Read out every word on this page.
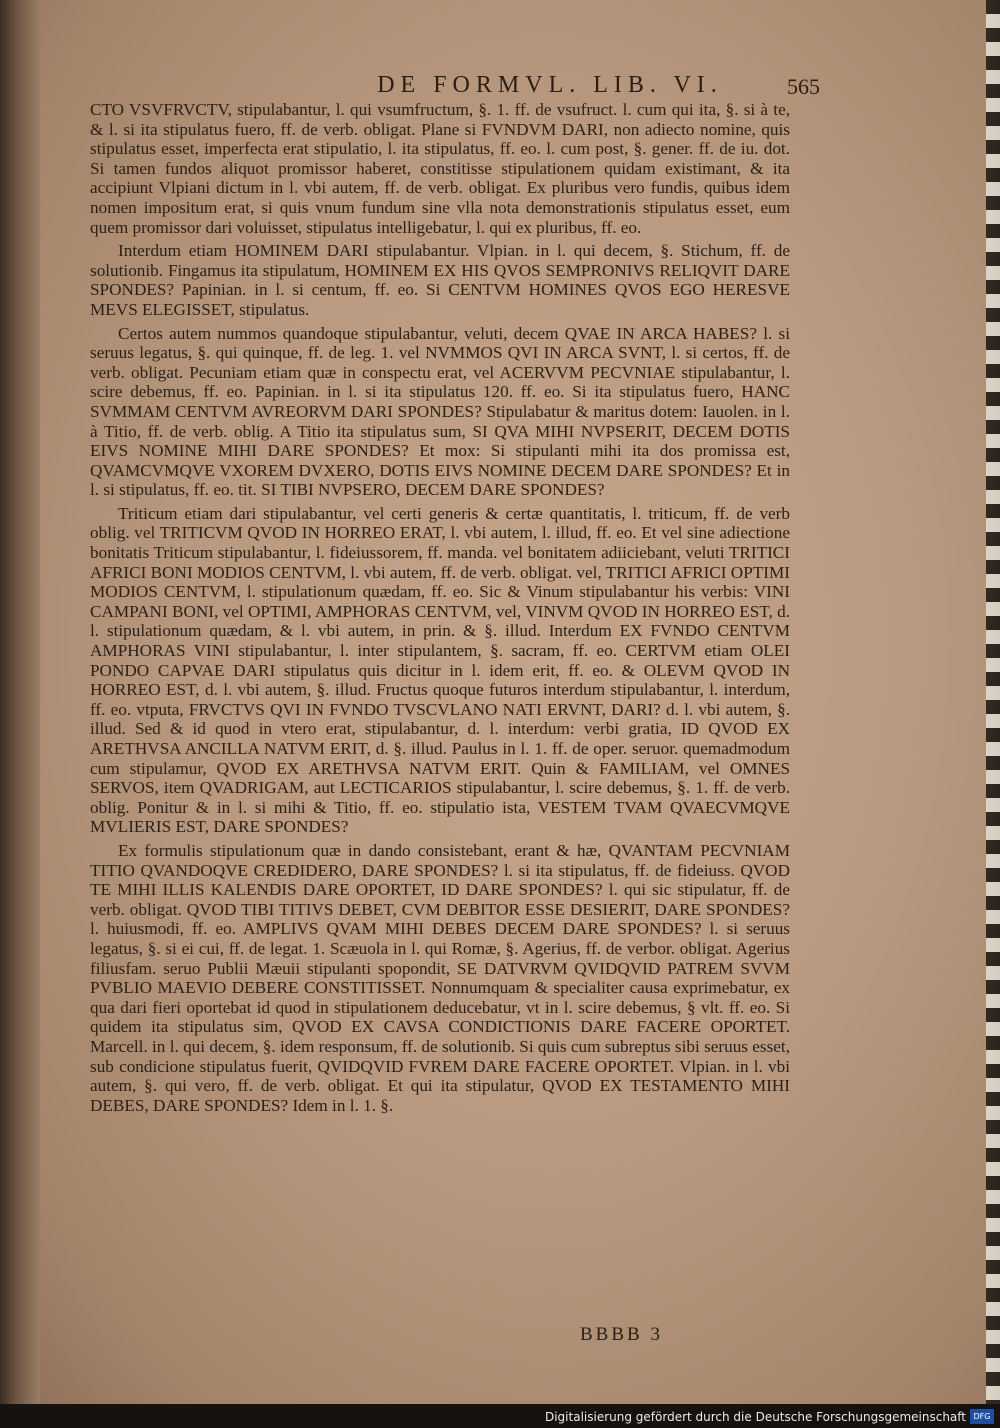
DE FORMVL. LIB. VI.	565

CTO VSVFRVCTV, stipulabantur, l. qui vsumfructum, §. 1. ff. de vsufruct. l. cum qui ita, §. si à te, & l. si ita stipulatus fuero, ff. de verb. obligat. Plane si FVNDVM DARI, non adiecto nomine, quis stipulatus esset, imperfecta erat stipulatio, l. ita stipulatus, ff. eo. l. cum post, §. gener. ff. de iu. dot. Si tamen fundos aliquot promissor haberet, constitisse stipulationem quidam existimant, & ita accipiunt Vlpiani dictum in l. vbi autem, ff. de verb. obligat. Ex pluribus vero fundis, quibus idem nomen impositum erat, si quis vnum fundum sine vlla nota demonstrationis stipulatus esset, eum quem promissor dari voluisset, stipulatus intelligebatur, l. qui ex pluribus, ff. eo.

Interdum etiam HOMINEM DARI stipulabantur. Vlpian. in l. qui decem, §. Stichum, ff. de solutionib. Fingamus ita stipulatum, HOMINEM EX HIS QVOS SEMPRONIVS RELIQVIT DARE SPONDES? Papinian. in l. si centum, ff. eo. Si CENTVM HOMINES QVOS EGO HERESVE MEVS ELEGISSET, stipulatus.

Certos autem nummos quandoque stipulabantur, veluti, decem QVAE IN ARCA HABES? l. si seruus legatus, §. qui quinque, ff. de leg. 1. vel NVMMOS QVI IN ARCA SVNT, l. si certos, ff. de verb. obligat. Pecuniam etiam quæ in conspectu erat, vel ACERVVM PECVNIAE stipulabantur, l. scire debemus, ff. eo. Papinian. in l. si ita stipulatus 120. ff. eo. Si ita stipulatus fuero, HANC SVMMAM CENTVM AVREORVM DARI SPONDES? Stipulabatur & maritus dotem: Iauolen. in l. à Titio, ff. de verb. oblig. A Titio ita stipulatus sum, SI QVA MIHI NVPSERIT, DECEM DOTIS EIVS NOMINE MIHI DARE SPONDES? Et mox: Si stipulanti mihi ita dos promissa est, QVAMCVMQVE VXOREM DVXERO, DOTIS EIVS NOMINE DECEM DARE SPONDES? Et in l. si stipulatus, ff. eo. tit. SI TIBI NVPSERO, DECEM DARE SPONDES?

Triticum etiam dari stipulabantur, vel certi generis & certæ quantitatis, l. triticum, ff. de verb oblig. vel TRITICVM QVOD IN HORREO ERAT, l. vbi autem, l. illud, ff. eo. Et vel sine adiectione bonitatis Triticum stipulabantur, l. fideiussorem, ff. manda. vel bonitatem adiiciebant, veluti TRITICI AFRICI BONI MODIOS CENTVM, l. vbi autem, ff. de verb. obligat. vel, TRITICI AFRICI OPTIMI MODIOS CENTVM, l. stipulationum quædam, ff. eo. Sic & Vinum stipulabantur his verbis: VINI CAMPANI BONI, vel OPTIMI, AMPHORAS CENTVM, vel, VINVM QVOD IN HORREO EST, d. l. stipulationum quædam, & l. vbi autem, in prin. & §. illud. Interdum EX FVNDO CENTVM AMPHORAS VINI stipulabantur, l. inter stipulantem, §. sacram, ff. eo. CERTVM etiam OLEI PONDO CAPVAE DARI stipulatus quis dicitur in l. idem erit, ff. eo. & OLEVM QVOD IN HORREO EST, d. l. vbi autem, §. illud. Fructus quoque futuros interdum stipulabantur, l. interdum, ff. eo. vtputa, FRVCTVS QVI IN FVNDO TVSCVLANO NATI ERVNT, DARI? d. l. vbi autem, §. illud. Sed & id quod in vtero erat, stipulabantur, d. l. interdum: verbi gratia, ID QVOD EX ARETHVSA ANCILLA NATVM ERIT, d. §. illud. Paulus in l. 1. ff. de oper. seruor. quemadmodum cum stipulamur, QVOD EX ARETHVSA NATVM ERIT. Quin & FAMILIAM, vel OMNES SERVOS, item QVADRIGAM, aut LECTICARIOS stipulabantur, l. scire debemus, §. 1. ff. de verb. oblig. Ponitur & in l. si mihi & Titio, ff. eo. stipulatio ista, VESTEM TVAM QVAECVMQVE MVLIERIS EST, DARE SPONDES?

Ex formulis stipulationum quæ in dando consistebant, erant & hæ, QVANTAM PECVNIAM TITIO QVANDOQVE CREDIDERO, DARE SPONDES? l. si ita stipulatus, ff. de fideiuss. QVOD TE MIHI ILLIS KALENDIS DARE OPORTET, ID DARE SPONDES? l. qui sic stipulatur, ff. de verb. obligat. QVOD TIBI TITIVS DEBET, CVM DEBITOR ESSE DESIERIT, DARE SPONDES? l. huiusmodi, ff. eo. AMPLIVS QVAM MIHI DEBES DECEM DARE SPONDES? l. si seruus legatus, §. si ei cui, ff. de legat. 1. Scæuola in l. qui Romæ, §. Agerius, ff. de verbor. obligat. Agerius filiusfam. seruo Publii Mæuii stipulanti spopondit, SE DATVRVM QVIDQVID PATREM SVVM PVBLIO MAEVIO DEBERE CONSTITISSET. Nonnumquam & specialiter causa exprimebatur, ex qua dari fieri oportebat id quod in stipulationem deducebatur, vt in l. scire debemus, § vlt. ff. eo. Si quidem ita stipulatus sim, QVOD EX CAVSA CONDICTIONIS DARE FACERE OPORTET. Marcell. in l. qui decem, §. idem responsum, ff. de solutionib. Si quis cum subreptus sibi seruus esset, sub condicione stipulatus fuerit, QVIDQVID FVREM DARE FACERE OPORTET. Vlpian. in l. vbi autem, §. qui vero, ff. de verb. obligat. Et qui ita stipulatur, QVOD EX TESTAMENTO MIHI DEBES, DARE SPONDES? Idem in l. 1. §.

BBBB 3
Digitalisierung gefördert durch die Deutsche Forschungsgemeinschaft DFG
